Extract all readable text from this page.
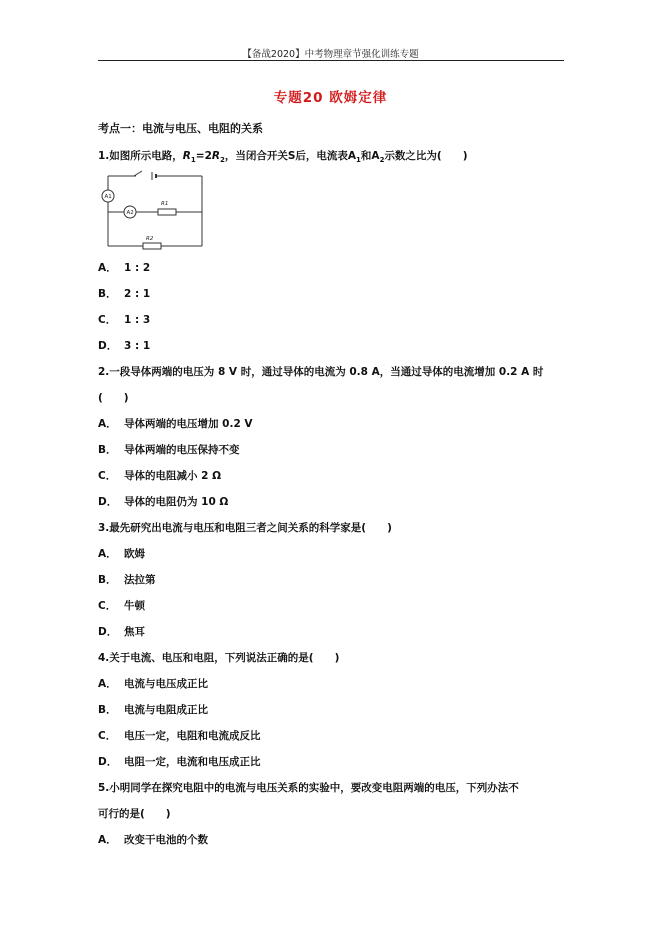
【备战2020】中考物理章节强化训练专题
专题20 欧姆定律
考点一：电流与电压、电阻的关系
1.如图所示电路，$R_1=2R_2$，当闭合开关S后，电流表$A_1$和$A_2$示数之比为(　　)
A1
A2
R1
R2
A． 1 : 2
B． 2 : 1
C． 1 : 3
D． 3 : 1
2.一段导体两端的电压为 8 V 时，通过导体的电流为 0.8 A，当通过导体的电流增加 0.2 A 时
(　　)
A． 导体两端的电压增加 0.2 V
B． 导体两端的电压保持不变
C． 导体的电阻减小 2 Ω
D． 导体的电阻仍为 10 Ω
3.最先研究出电流与电压和电阻三者之间关系的科学家是(　　)
A． 欧姆
B． 法拉第
C． 牛顿
D． 焦耳
4.关于电流、电压和电阻，下列说法正确的是(　　)
A． 电流与电压成正比
B． 电流与电阻成正比
C． 电压一定，电阻和电流成反比
D． 电阻一定，电流和电压成正比
5.小明同学在探究电阻中的电流与电压关系的实验中，要改变电阻两端的电压，下列办法不
可行的是(　　)
A． 改变干电池的个数
